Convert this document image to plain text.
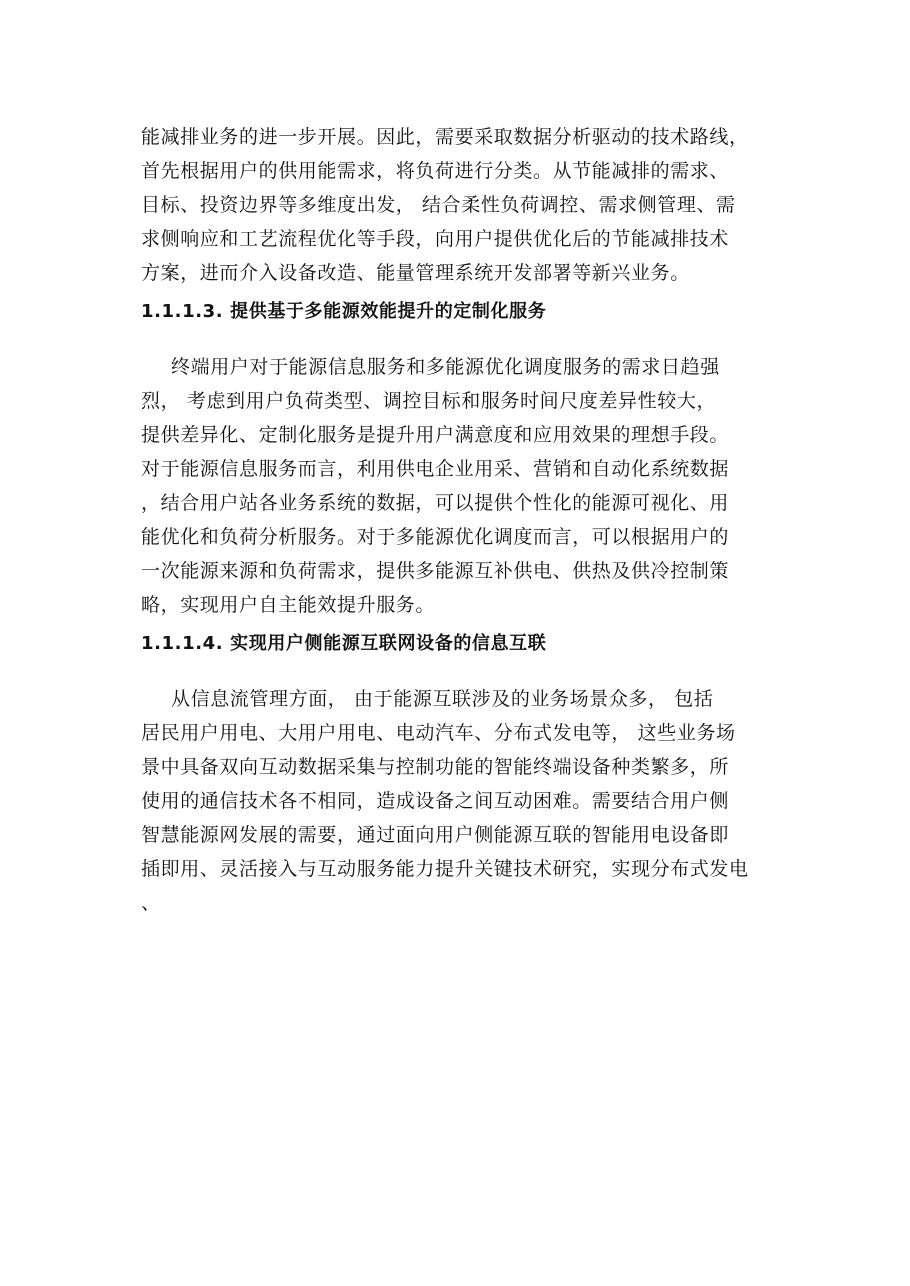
能减排业务的进一步开展。因此，需要采取数据分析驱动的技术路线，
首先根据用户的供用能需求，将负荷进行分类。从节能减排的需求、
目标、投资边界等多维度出发， 结合柔性负荷调控、需求侧管理、需
求侧响应和工艺流程优化等手段，向用户提供优化后的节能减排技术
方案，进而介入设备改造、能量管理系统开发部署等新兴业务。
1.1.1.3. 提供基于多能源效能提升的定制化服务
终端用户对于能源信息服务和多能源优化调度服务的需求日趋强
烈， 考虑到用户负荷类型、调控目标和服务时间尺度差异性较大，
提供差异化、定制化服务是提升用户满意度和应用效果的理想手段。
对于能源信息服务而言，利用供电企业用采、营销和自动化系统数据
，结合用户站各业务系统的数据，可以提供个性化的能源可视化、用
能优化和负荷分析服务。对于多能源优化调度而言，可以根据用户的
一次能源来源和负荷需求，提供多能源互补供电、供热及供冷控制策
略，实现用户自主能效提升服务。
1.1.1.4. 实现用户侧能源互联网设备的信息互联
从信息流管理方面， 由于能源互联涉及的业务场景众多， 包括
居民用户用电、大用户用电、电动汽车、分布式发电等， 这些业务场
景中具备双向互动数据采集与控制功能的智能终端设备种类繁多，所
使用的通信技术各不相同，造成设备之间互动困难。需要结合用户侧
智慧能源网发展的需要，通过面向用户侧能源互联的智能用电设备即
插即用、灵活接入与互动服务能力提升关键技术研究，实现分布式发电
、
